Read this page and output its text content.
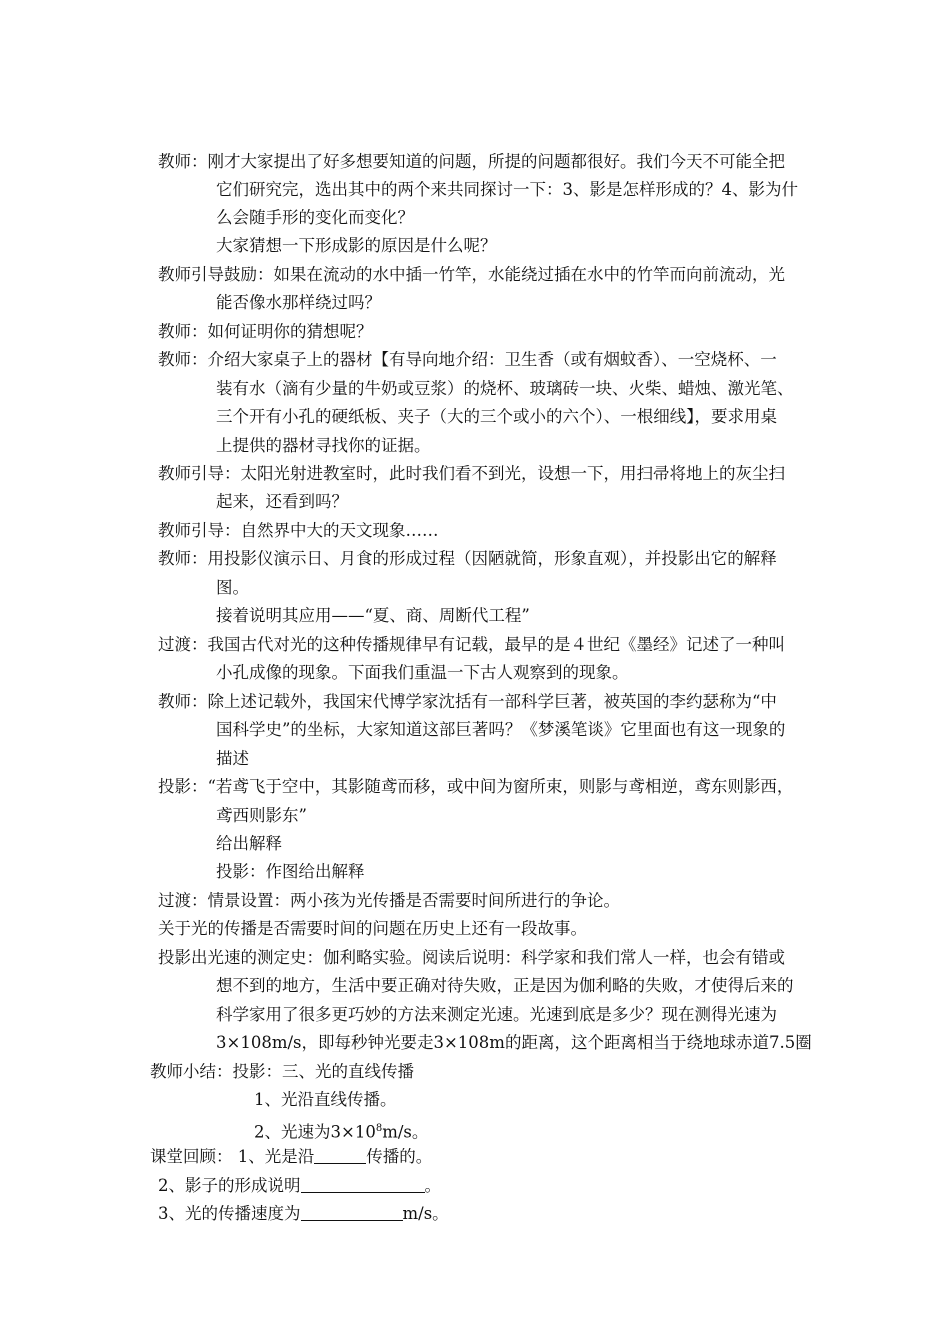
教师：刚才大家提出了好多想要知道的问题，所提的问题都很好。我们今天不可能全把
它们研究完，选出其中的两个来共同探讨一下：3、影是怎样形成的？4、影为什
么会随手形的变化而变化？
大家猜想一下形成影的原因是什么呢？
教师引导鼓励：如果在流动的水中插一竹竿，水能绕过插在水中的竹竿而向前流动，光
能否像水那样绕过吗？
教师：如何证明你的猜想呢？
教师：介绍大家桌子上的器材【有导向地介绍：卫生香（或有烟蚊香）、一空烧杯、一
装有水（滴有少量的牛奶或豆浆）的烧杯、玻璃砖一块、火柴、蜡烛、激光笔、
三个开有小孔的硬纸板、夹子（大的三个或小的六个）、一根细线】，要求用桌
上提供的器材寻找你的证据。
教师引导：太阳光射进教室时，此时我们看不到光，设想一下，用扫帚将地上的灰尘扫
起来，还看到吗？
教师引导：自然界中大的天文现象……
教师：用投影仪演示日、月食的形成过程（因陋就简，形象直观），并投影出它的解释
图。
接着说明其应用——“夏、商、周断代工程”
过渡：我国古代对光的这种传播规律早有记载，最早的是４世纪《墨经》记述了一种叫
小孔成像的现象。下面我们重温一下古人观察到的现象。
教师：除上述记载外，我国宋代博学家沈括有一部科学巨著，被英国的李约瑟称为“中
国科学史”的坐标，大家知道这部巨著吗？《梦溪笔谈》它里面也有这一现象的
描述
投影：“若鸢飞于空中，其影随鸢而移，或中间为窗所束，则影与鸢相逆，鸢东则影西，
鸢西则影东”
给出解释
投影：作图给出解释
过渡：情景设置：两小孩为光传播是否需要时间所进行的争论。
关于光的传播是否需要时间的问题在历史上还有一段故事。
投影出光速的测定史：伽利略实验。阅读后说明：科学家和我们常人一样，也会有错或
想不到的地方，生活中要正确对待失败，正是因为伽利略的失败，才使得后来的
科学家用了很多更巧妙的方法来测定光速。光速到底是多少？现在测得光速为
3×108m/s，即每秒钟光要走3×108m的距离，这个距离相当于绕地球赤道7.5圈
教师小结：投影：三、光的直线传播
1、光沿直线传播。
2、光速为$3\times 10^8m/s$。
课堂回顾： 1、光是沿	传播的。
2、影子的形成说明	。
3、光的传播速度为	m/s。
